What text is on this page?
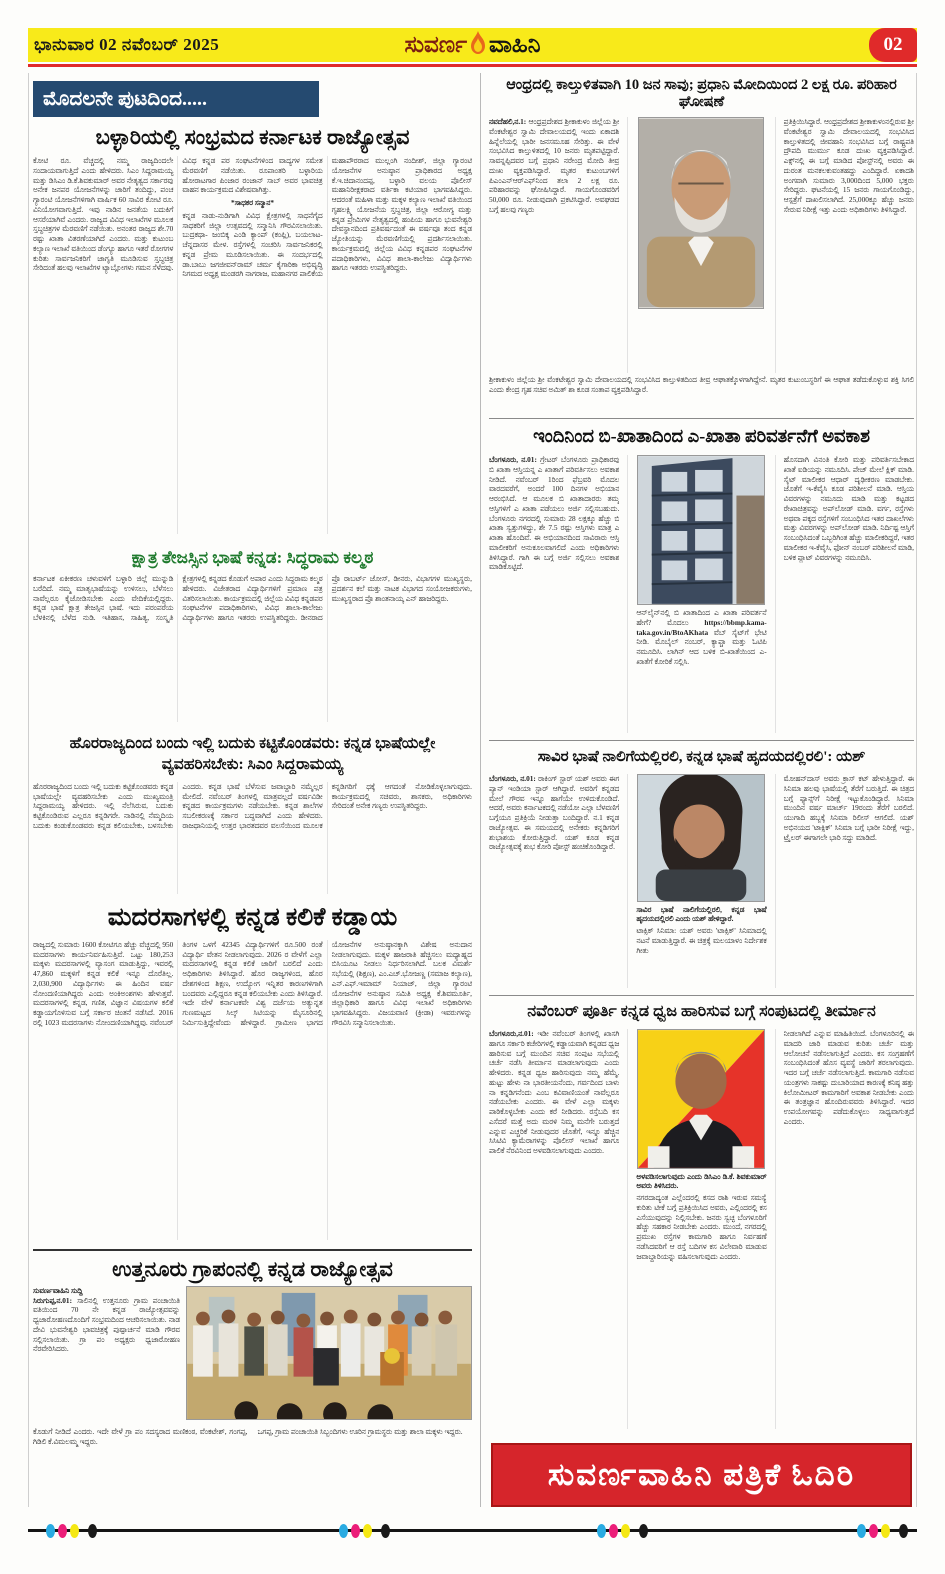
ಭಾನುವಾರ 02 ನವೆಂಬರ್ 2025	ಸುವರ್ಣ ವಾಹಿನಿ	02
ಮೊದಲನೇ ಪುಟದಿಂದ.....
ಬಳ್ಳಾರಿಯಲ್ಲಿ ಸಂಭ್ರಮದ ಕರ್ನಾಟಕ ರಾಜ್ಯೋತ್ಸವ

ಕೋಟಿ ರೂ. ವೆಚ್ಚದಲ್ಲಿ ನಮ್ಮ ರಾಜ್ಯದಿಂದಲೇ ಸಂದಾಯವಾಗುತ್ತಿದೆ ಎಂದು ಹೇಳಿದರು. ಸಿಎಂ ಸಿದ್ದರಾಮಯ್ಯ ಮತ್ತು ಡಿಸಿಎಂ ಡಿ.ಕೆ.ಶಿವಕುಮಾರ್ ಅವರ ನೇತೃತ್ವದ ಸರ್ಕಾರವು ಅನೇಕ ಜನಪರ ಯೋಜನೆಗಳನ್ನು ಜಾರಿಗೆ ತಂದಿದ್ದು, ಪಂಚ ಗ್ಯಾರಂಟಿ ಯೋಜನೆಗಳಿಗಾಗಿ ವಾರ್ಷಿಕ 60 ಸಾವಿರ ಕೋಟಿ ರೂ. ವಿನಿಯೋಗವಾಗುತ್ತಿದೆ. ಇವು ನಾಡಿನ ಜನತೆಯ ಬದುಕಿಗೆ ಆಸರೆಯಾಗಿವೆ ಎಂದರು. ರಾಜ್ಯದ ವಿವಿಧ ಇಲಾಖೆಗಳ ಮೂಲಕ ಸ್ತಬ್ಧಚಿತ್ರಗಳ ಮೆರವಣಿಗೆ ನಡೆಯಿತು. ಅನಂತರ ರಾಜ್ಯದ ಶೇ.70 ರಷ್ಟು ಖಾತಾ ವಿತರಣೆಯಾಗಿದೆ ಎಂದರು. ಮತ್ತು ಕುಟುಂಬ ಕಲ್ಯಾಣ ಇಲಾಖೆ ವತಿಯಿಂದ ಡೆಂಗ್ಯೂ ಹಾಗೂ ಇತರೆ ರೋಗಗಳ ಕುರಿತು ಸಾರ್ವಜನಿಕರಿಗೆ ಜಾಗೃತಿ ಮೂಡಿಸುವ ಸ್ತಬ್ಧಚಿತ್ರ ಸೇರಿದಂತೆ ಹಲವು ಇಲಾಖೆಗಳ ಟ್ಯಾಬ್ಲೋಗಳು ಗಮನ ಸೆಳೆದವು. ವಿವಿಧ ಕನ್ನಡ ಪರ ಸಂಘಟನೆಗಳಿಂದ ವಾದ್ಯಗಳ ಸಮೇತ ಮೆರವಣಿಗೆ ನಡೆಯಿತು. ರೂಪಾಂತರಿ ಬಳ್ಳಾರಿಯ ಹೋರಾಟಗಾರ ಪಿಂಜಾರ ರಂಜಾನ್ ಸಾಬ್ ಅವರ ಭಾವಚಿತ್ರ ವಾಹನ ಕಾರ್ಯಕ್ರಮದ ವಿಶೇಷವಾಗಿತ್ತು.

*ಸಾಧಕರ ಸನ್ಮಾನ*

ಕನ್ನಡ ನಾಡು-ನುಡಿಗಾಗಿ ವಿವಿಧ ಕ್ಷೇತ್ರಗಳಲ್ಲಿ ಸಾಧನೆಗೈದ ಸಾಧಕರಿಗೆ ಜಿಲ್ಲಾ ಉತ್ಸವದಲ್ಲಿ ಸನ್ಮಾನಿಸಿ ಗೌರವಿಸಲಾಯಿತು. ಬುದ್ರಕಥಾ- ಜಂಬಿಕ್ಕ ಎಂಡಿ ಕ್ಯಾಂಪ್ (ಕಂಪ್ಲಿ), ಬಯಲಾಟ- ಚೆನ್ನದಾಸರ ಮೇಳ. ರಸ್ತೆಗಳಲ್ಲಿ ಸಂಚರಿಸಿ ಸಾರ್ವಜನಿಕರಲ್ಲಿ ಕನ್ನಡ ಪ್ರೇಮ ಮೂಡಿಸಲಾಯಿತು. ಈ ಸಂದರ್ಭದಲ್ಲಿ ಡಾ.ಬಾಬು ಜಗಜೀವನ್‌ರಾಮ್ ಚರ್ಮ ಕೈಗಾರಿಕಾ ಅಭಿವೃದ್ಧಿ ನಿಗಮದ ಅಧ್ಯಕ್ಷ ಮಂಡರಗಿ ನಾಗರಾಜ, ಮಹಾನಗರ ಪಾಲಿಕೆಯ ಮಹಾಪೌರರಾದ ಮುಲ್ಲಂಗಿ ನಂದೀಶ್, ಜಿಲ್ಲಾ ಗ್ಯಾರಂಟಿ ಯೋಜನೆಗಳ ಅನುಷ್ಠಾನ ಪ್ರಾಧಿಕಾರದ ಅಧ್ಯಕ್ಷ ಕೆ.ಇ.ಚಿದಾನಂದಪ್ಪ, ಬಳ್ಳಾರಿ ವಲಯ ಪೊಲೀಸ್ ಮಹಾನಿರೀಕ್ಷಕರಾದ ವರ್ತಿಕಾ ಕಟಿಯಾರ ಭಾಗವಹಿಸಿದ್ದರು. ಆದರಂತೆ ಮಹಿಳಾ ಮತ್ತು ಮಕ್ಕಳ ಕಲ್ಯಾಣ ಇಲಾಖೆ ವತಿಯಿಂದ ಗೃಹಲಕ್ಷ್ಮಿ ಯೋಜನೆಯ ಸ್ತಬ್ಧಚಿತ್ರ, ಜಿಲ್ಲಾ ಆರೋಗ್ಯ ಮತ್ತು ಕನ್ನಡ ಪ್ರೇಮಿಗಳ ನೇತೃತ್ವದಲ್ಲಿ ಹಂಪಿಯ ಹಾಗೂ ಭುವನೇಶ್ವರಿ ದೇವಸ್ಥಾನದಿಂದ ಪ್ರತಿವರ್ಷದಂತೆ ಈ ವರ್ಷವೂ ತಂದ ಕನ್ನಡ ಜ್ಯೋತಿಯನ್ನು ಮೆರವಣಿಗೆಯಲ್ಲಿ ಪ್ರದರ್ಶಿಸಲಾಯಿತು. ಕಾರ್ಯಕ್ರಮದಲ್ಲಿ ಜಿಲ್ಲೆಯ ವಿವಿಧ ಕನ್ನಡಪರ ಸಂಘಟನೆಗಳ ಪದಾಧಿಕಾರಿಗಳು, ವಿವಿಧ ಶಾಲಾ-ಕಾಲೇಜು ವಿದ್ಯಾರ್ಥಿಗಳು ಹಾಗೂ ಇತರರು ಉಪಸ್ಥಿತರಿದ್ದರು.

ಕ್ಷಾತ್ರ ತೇಜಸ್ಸಿನ ಭಾಷೆ ಕನ್ನಡ: ಸಿದ್ಧರಾಮ ಕಲ್ಮಠ

ಕರ್ನಾಟಕ ಏಕೀಕರಣ ಚಳುವಳಿಗೆ ಬಳ್ಳಾರಿ ಜಿಲ್ಲೆ ಮುನ್ನುಡಿ ಬರೆದಿದೆ. ನಮ್ಮ ಮಾತೃಭಾಷೆಯನ್ನು ಉಳಿಸಲು, ಬೆಳೆಸಲು ನಾವೆಲ್ಲರೂ ಕೈಜೋಡಿಸಬೇಕು ಎಂದು ವೇದಿಕೆಯಲ್ಲಿದ್ದರು. ಕನ್ನಡ ಭಾಷೆ ಕ್ಷಾತ್ರ ತೇಜಸ್ಸಿನ ಭಾಷೆ. ಇದು ಪರಂಪರೆಯ ಬೆಳಕಿನಲ್ಲಿ ಬೆಳೆದ ನುಡಿ. ಇತಿಹಾಸ, ಸಾಹಿತ್ಯ, ಸಂಸ್ಕೃತಿ ಕ್ಷೇತ್ರಗಳಲ್ಲಿ ಕನ್ನಡದ ಕೊಡುಗೆ ಅಪಾರ ಎಂದು ಸಿದ್ಧರಾಮ ಕಲ್ಮಠ ಹೇಳಿದರು. ವಿಜೇತರಾದ ವಿದ್ಯಾರ್ಥಿಗಳಿಗೆ ಪ್ರಮಾಣ ಪತ್ರ ವಿತರಿಸಲಾಯಿತು. ಕಾರ್ಯಕ್ರಮದಲ್ಲಿ ಜಿಲ್ಲೆಯ ವಿವಿಧ ಕನ್ನಡಪರ ಸಂಘಟನೆಗಳ ಪದಾಧಿಕಾರಿಗಳು, ವಿವಿಧ ಶಾಲಾ-ಕಾಲೇಜು ವಿದ್ಯಾರ್ಥಿಗಳು ಹಾಗೂ ಇತರರು ಉಪಸ್ಥಿತರಿದ್ದರು. ಡೀನರಾದ ಪ್ರೊ ರಾಬರ್ಟ್ ಜೋಸ್, ಡೀನರು, ವಿಭಾಗಗಳ ಮುಖ್ಯಸ್ಥರು, ಪ್ರದರ್ಶನ ಕಲೆ ಮತ್ತು ನಾಟಕ ವಿಭಾಗದ ಸಂಯೋಜಕರುಗಳು, ಮುಖ್ಯಸ್ಥರಾದ ಪ್ರೊ ಶಾಂತನಾಯ್ಕ ಎನ್ ಹಾಜರಿದ್ದರು.

ಹೊರರಾಜ್ಯದಿಂದ ಬಂದು ಇಲ್ಲಿ ಬದುಕು ಕಟ್ಟಿಕೊಂಡವರು: ಕನ್ನಡ ಭಾಷೆಯಲ್ಲೇ ವ್ಯವಹರಿಸಬೇಕು: ಸಿಎಂ ಸಿದ್ದರಾಮಯ್ಯ

ಹೊರರಾಜ್ಯದಿಂದ ಬಂದು ಇಲ್ಲಿ ಬದುಕು ಕಟ್ಟಿಕೊಂಡವರು ಕನ್ನಡ ಭಾಷೆಯಲ್ಲೇ ವ್ಯವಹರಿಸಬೇಕು ಎಂದು ಮುಖ್ಯಮಂತ್ರಿ ಸಿದ್ದರಾಮಯ್ಯ ಹೇಳಿದರು. ಇಲ್ಲಿ ನೆಲೆಸಿರುವ, ಬದುಕು ಕಟ್ಟಿಕೊಂಡಿರುವ ಎಲ್ಲರೂ ಕನ್ನಡಿಗರೇ. ನಾಡಿನಲ್ಲಿ ನೆಮ್ಮದಿಯ ಬದುಕು ಕಂಡುಕೊಂಡವರು ಕನ್ನಡ ಕಲಿಯಬೇಕು, ಬಳಸಬೇಕು ಎಂದರು. ಕನ್ನಡ ಭಾಷೆ ಬೆಳೆಸುವ ಜವಾಬ್ದಾರಿ ನಮ್ಮೆಲ್ಲರ ಮೇಲಿದೆ. ನವೆಂಬರ್ ತಿಂಗಳಲ್ಲಿ ಮಾತ್ರವಲ್ಲದೆ ವರ್ಷವಿಡೀ ಕನ್ನಡದ ಕಾರ್ಯಕ್ರಮಗಳು ನಡೆಯಬೇಕು. ಕನ್ನಡ ಶಾಲೆಗಳ ಸಬಲೀಕರಣಕ್ಕೆ ಸರ್ಕಾರ ಬದ್ಧವಾಗಿದೆ ಎಂದು ಹೇಳಿದರು. ರಾಜಧಾನಿಯಲ್ಲಿ ಉತ್ತರ ಭಾರತದವರ ವಲಸೆಯಿಂದ ಮೂಲಕ ಕನ್ನಡಿಗರಿಗೆ ಧಕ್ಕೆ ಆಗದಂತೆ ನೋಡಿಕೊಳ್ಳಲಾಗುವುದು. ಕಾರ್ಯಕ್ರಮದಲ್ಲಿ ಸಚಿವರು, ಶಾಸಕರು, ಅಧಿಕಾರಿಗಳು ಸೇರಿದಂತೆ ಅನೇಕ ಗಣ್ಯರು ಉಪಸ್ಥಿತರಿದ್ದರು.

ಮದರಸಾಗಳಲ್ಲಿ ಕನ್ನಡ ಕಲಿಕೆ ಕಡ್ಡಾಯ

ರಾಜ್ಯದಲ್ಲಿ ಸುಮಾರು 1600 ಕೋಟಿಗೂ ಹೆಚ್ಚು ವೆಚ್ಚದಲ್ಲಿ 950 ಮದರಸಾಗಳು ಕಾರ್ಯನಿರ್ವಹಿಸುತ್ತಿವೆ. ಒಟ್ಟು 180,253 ಮಕ್ಕಳು ಮದರಸಾಗಳಲ್ಲಿ ವ್ಯಾಸಂಗ ಮಾಡುತ್ತಿದ್ದು, ಇವರಲ್ಲಿ 47,860 ಮಕ್ಕಳಿಗೆ ಕನ್ನಡ ಕಲಿಕೆ ಇನ್ನೂ ದೊರೆತಿಲ್ಲ. 2,030,900 ವಿದ್ಯಾರ್ಥಿಗಳು ಈ ಹಿಂದಿನ ವರ್ಷ ನೋಂದಣಿಯಾಗಿದ್ದರು ಎಂದು ಅಂಕಿಅಂಶಗಳು ಹೇಳುತ್ತವೆ. ಮದರಸಾಗಳಲ್ಲಿ ಕನ್ನಡ, ಗಣಿತ, ವಿಜ್ಞಾನ ವಿಷಯಗಳ ಕಲಿಕೆ ಕಡ್ಡಾಯಗೊಳಿಸುವ ಬಗ್ಗೆ ಸರ್ಕಾರ ಚಿಂತನೆ ನಡೆಸಿದೆ. 2016 ರಲ್ಲಿ 1023 ಮದರಸಾಗಳು ನೋಂದಣಿಯಾಗಿದ್ದವು. ನವೆಂಬರ್ ತಿಂಗಳ ಒಳಗೆ 42345 ವಿದ್ಯಾರ್ಥಿಗಳಿಗೆ ರೂ.500 ರಂತೆ ವಿದ್ಯಾರ್ಥಿ ವೇತನ ನೀಡಲಾಗುವುದು. 2026 ರ ವೇಳೆಗೆ ಎಲ್ಲಾ ಮದರಸಾಗಳಲ್ಲಿ ಕನ್ನಡ ಕಲಿಕೆ ಜಾರಿಗೆ ಬರಲಿದೆ ಎಂದು ಅಧಿಕಾರಿಗಳು ತಿಳಿಸಿದ್ದಾರೆ. ಹೊರ ರಾಜ್ಯಗಳಿಂದ, ಹೊರ ದೇಶಗಳಿಂದ ಶಿಕ್ಷಣ, ಉದ್ಯೋಗ ಇನ್ನಿತರ ಕಾರಣಗಳಿಗಾಗಿ ಬಂದವರು ಎಲ್ಲಿದ್ದರೂ ಕನ್ನಡ ಕಲಿಯಬೇಕು ಎಂದು ತಿಳಿಸಿದ್ದಾರೆ. ಇದೇ ವೇಳೆ ಕರ್ನಾಟಕವೇ ವಿಶ್ವ ದರ್ಜೆಯ ಅತ್ಯುನ್ನತ ಗುಣಮಟ್ಟದ ಸಿಲ್ಕ್ ಸಿಟಿಯನ್ನು ಮೈಸೂರಿನಲ್ಲಿ ನಿರ್ಮಿಸುತ್ತಿದ್ದೇವೆಂದು ಹೇಳಿದ್ದಾರೆ. ಗ್ರಾಮೀಣ ಭಾಗದ ಯೋಜನೆಗಳ ಅನುಷ್ಠಾನಕ್ಕಾಗಿ ವಿಶೇಷ ಅನುದಾನ ನೀಡಲಾಗುವುದು. ಮಕ್ಕಳ ಹಾಜರಾತಿ ಹೆಚ್ಚಿಸಲು ಮಧ್ಯಾಹ್ನದ ಬಿಸಿಯೂಟ ನೀಡಲು ನಿರ್ಧರಿಸಲಾಗಿದೆ. ಬಲಕ ವಿಮರ್ಶೆ ಸಭೆಯಲ್ಲಿ (ಶಿಕ್ಷಣ), ಎಂ.ಎಚ್.ಭೋಜಣ್ಣ (ಸಮಾಜ ಕಲ್ಯಾಣ), ಎನ್.ಎಫ್.ಇಮಾಮ್ ನಿಯಾಜ್, ಜಿಲ್ಲಾ ಗ್ಯಾರಂಟಿ ಯೋಜನೆಗಳ ಅನುಷ್ಠಾನ ಸಮಿತಿ ಅಧ್ಯಕ್ಷ ಕೆ.ಶಿವಮೂರ್ತಿ, ಜಿಲ್ಲಾಧಿಕಾರಿ ಹಾಗೂ ವಿವಿಧ ಇಲಾಖೆ ಅಧಿಕಾರಿಗಳು ಭಾಗವಹಿಸಿದ್ದರು. ವಿಜಯವಾಣಿ (ಕ್ರೀಡಾ) ಇವರುಗಳನ್ನು ಗೌರವಿಸಿ ಸನ್ಮಾನಿಸಲಾಯಿತು.

ಉತ್ತನೂರು ಗ್ರಾಪಂನಲ್ಲಿ ಕನ್ನಡ ರಾಜ್ಯೋತ್ಸವ
ಸುವರ್ಣವಾಹಿನಿ ಸುದ್ದಿ
ಸಿರುಗುಪ್ಪ,ನ.01: ಸಾಲಿನಲ್ಲಿ ಉತ್ತನೂರು ಗ್ರಾಮ ಪಂಚಾಯಿತಿ ವತಿಯಿಂದ 70 ನೇ ಕನ್ನಡ ರಾಜ್ಯೋತ್ಸವವನ್ನು ಧ್ವಜಾರೋಹಣದೊಂದಿಗೆ ಸಂಭ್ರಮದಿಂದ ಆಚರಿಸಲಾಯಿತು. ನಾಡ ದೇವಿ ಭುವನೇಶ್ವರಿ ಭಾವಚಿತ್ರಕ್ಕೆ ಪುಷ್ಪಾರ್ಚನೆ ಮಾಡಿ ಗೌರವ ಸಲ್ಲಿಸಲಾಯಿತು. ಗ್ರಾ ಪಂ ಅಧ್ಯಕ್ಷರು ಧ್ವಜಾರೋಹಣ ನೆರವೇರಿಸಿದರು.
ಕೊಡುಗೆ ನೀಡಿದೆ ಎಂದರು. ಇದೇ ವೇಳೆ ಗ್ರಾ ಪಂ ಸದಸ್ಯರಾದ ಮಣಿಕಂಠ, ವೆಂಕಟೇಶ್, ಗಂಗಪ್ಪ, ಗಿಡಿಲಿ ಕೆ.ವಿಮಲಮ್ಮ ಇದ್ದರು.
ಒಗಪ್ಪ, ಗ್ರಾಮ ಪಂಚಾಯಿತಿ ಸಿಬ್ಬಂದಿಗಳು ಊರಿನ ಗ್ರಾಮಸ್ಥರು ಮತ್ತು ಶಾಲಾ ಮಕ್ಕಳು ಇದ್ದರು.
ಆಂಧ್ರದಲ್ಲಿ ಕಾಲ್ತುಳಿತವಾಗಿ 10 ಜನ ಸಾವು; ಪ್ರಧಾನಿ ಮೋದಿಯಿಂದ 2 ಲಕ್ಷ ರೂ. ಪರಿಹಾರ ಘೋಷಣೆ
ನವದೆಹಲಿ,ನ.1: ಆಂಧ್ರಪ್ರದೇಶದ ಶ್ರೀಕಾಕುಳಂ ಜಿಲ್ಲೆಯ ಶ್ರೀ ವೆಂಕಟೇಶ್ವರ ಸ್ವಾಮಿ ದೇವಾಲಯದಲ್ಲಿ ಇಂದು ಏಕಾದಶಿ ಹಿನ್ನೆಲೆಯಲ್ಲಿ ಭಾರೀ ಜನಸಮೂಹ ಸೇರಿತ್ತು. ಈ ವೇಳೆ ಸಂಭವಿಸಿದ ಕಾಲ್ತುಳಿತದಲ್ಲಿ 10 ಜನರು ಮೃತಪಟ್ಟಿದ್ದಾರೆ. ಸಾವನ್ನಪ್ಪಿದವರ ಬಗ್ಗೆ ಪ್ರಧಾನಿ ನರೇಂದ್ರ ಮೋದಿ ತೀವ್ರ ದುಃಖ ವ್ಯಕ್ತಪಡಿಸಿದ್ದಾರೆ. ಮೃತರ ಕುಟುಂಬಗಳಿಗೆ ಪಿಎಂಎನ್‌ಆರ್‌ಎಫ್‌ನಿಂದ ತಲಾ 2 ಲಕ್ಷ ರೂ. ಪರಿಹಾರವನ್ನು ಘೋಷಿಸಿದ್ದಾರೆ. ಗಾಯಗೊಂಡವರಿಗೆ 50,000 ರೂ. ನೀಡುವುದಾಗಿ ಪ್ರಕಟಿಸಿದ್ದಾರೆ. ಅವಘಡದ ಬಗ್ಗೆ ಹಲವು ಗಣ್ಯರು
ಪ್ರತಿಕ್ರಿಯಿಸಿದ್ದಾರೆ. ಆಂಧ್ರಪ್ರದೇಶದ ಶ್ರೀಕಾಕುಳಂನಲ್ಲಿರುವ ಶ್ರೀ ವೆಂಕಟೇಶ್ವರ ಸ್ವಾಮಿ ದೇವಾಲಯದಲ್ಲಿ ಸಂಭವಿಸಿದ ಕಾಲ್ತುಳಿತದಲ್ಲಿ ಜೀವಹಾನಿ ಸಂಭವಿಸಿದ ಬಗ್ಗೆ ರಾಷ್ಟ್ರಪತಿ ದ್ರೌಪದಿ ಮುರ್ಮು ಕೂಡ ದುಃಖ ವ್ಯಕ್ತಪಡಿಸಿದ್ದಾರೆ. ಎಕ್ಸ್‌ನಲ್ಲಿ ಈ ಬಗ್ಗೆ ಮಾಡಿದ ಪೋಸ್ಟ್‌ನಲ್ಲಿ ಅವರು ಈ ದುರಂತ ಮನಕಲಕುವಂತಹದ್ದು ಎಂದಿದ್ದಾರೆ. ಏಕಾದಶಿ ಅಂಗವಾಗಿ ಸುಮಾರು 3,000ದಿಂದ 5,000 ಭಕ್ತರು ಸೇರಿದ್ದರು. ಘಟನೆಯಲ್ಲಿ 15 ಜನರು ಗಾಯಗೊಂಡಿದ್ದು, ಆಸ್ಪತ್ರೆಗೆ ದಾಖಲಿಸಲಾಗಿದೆ. 25,000ಕ್ಕೂ ಹೆಚ್ಚು ಜನರು ಸೇರುವ ನಿರೀಕ್ಷೆ ಇತ್ತು ಎಂದು ಅಧಿಕಾರಿಗಳು ತಿಳಿಸಿದ್ದಾರೆ.
ಶ್ರೀಕಾಕುಳಂ ಜಿಲ್ಲೆಯ ಶ್ರೀ ವೆಂಕಟೇಶ್ವರ ಸ್ವಾಮಿ ದೇವಾಲಯದಲ್ಲಿ ಸಂಭವಿಸಿದ ಕಾಲ್ತುಳಿತದಿಂದ ತೀವ್ರ ಆಘಾತಕ್ಕೊಳಗಾಗಿದ್ದೇನೆ. ಮೃತರ ಕುಟುಂಬಸ್ಥರಿಗೆ ಈ ಆಘಾತ ತಡೆದುಕೊಳ್ಳುವ ಶಕ್ತಿ ಸಿಗಲಿ ಎಂದು ಕೇಂದ್ರ ಗೃಹ ಸಚಿವ ಅಮಿತ್ ಶಾ ಕೂಡ ಸಂತಾಪ ವ್ಯಕ್ತಪಡಿಸಿದ್ದಾರೆ.
ಇಂದಿನಿಂದ ಬಿ-ಖಾತಾದಿಂದ ಎ-ಖಾತಾ ಪರಿವರ್ತನೆಗೆ ಅವಕಾಶ
ಬೆಂಗಳೂರು, ನ.01: ಗ್ರೇಟರ್ ಬೆಂಗಳೂರು ಪ್ರಾಧಿಕಾರವು ಬಿ ಖಾತಾ ಆಸ್ತಿಯನ್ನ ಎ ಖಾತಾಗೆ ಪರಿವರ್ತಿಸಲು ಅವಕಾಶ ನೀಡಿದೆ. ನವೆಂಬರ್ 1ರಿಂದ ಫೆಬ್ರವರಿ ಮೊದಲ ವಾರದವರೆಗೆ, ಅಂದರೆ 100 ದಿನಗಳ ಅಭಿಯಾನ ಆರಂಭಿಸಿದೆ. ಆ ಮೂಲಕ ಬಿ ಖಾತಾದಾರರು ತಮ್ಮ ಆಸ್ತಿಗಳಿಗೆ ಎ ಖಾತಾ ಪಡೆಯಲು ಅರ್ಜಿ ಸಲ್ಲಿಸಬಹುದು. ಬೆಂಗಳೂರು ನಗರದಲ್ಲಿ ಸುಮಾರು 28 ಲಕ್ಷಕ್ಕೂ ಹೆಚ್ಚು ಬಿ ಖಾತಾ ಸ್ವತ್ತುಗಳಿದ್ದು, ಶೇ 7.5 ರಷ್ಟು ಆಸ್ತಿಗಳು ಮಾತ್ರ ಎ ಖಾತಾ ಹೊಂದಿವೆ. ಈ ಅಭಿಯಾನದಿಂದ ಸಾವಿರಾರು ಆಸ್ತಿ ಮಾಲೀಕರಿಗೆ ಅನುಕೂಲವಾಗಲಿದೆ ಎಂದು ಅಧಿಕಾರಿಗಳು ತಿಳಿಸಿದ್ದಾರೆ. ಗಾಗಿ ಈ ಬಗ್ಗೆ ಅರ್ಜಿ ಸಲ್ಲಿಸಲು ಅವಕಾಶ ಮಾಡಿಕೊಟ್ಟಿದೆ.
ಆನ್‌ಲೈನ್‌ನಲ್ಲಿ ಬಿ ಖಾತಾದಿಂದ ಎ ಖಾತಾ ಪರಿವರ್ತನೆ ಹೇಗೆ? ಮೊದಲು https://bbmp.kama-taka.gov.in/BtoAKhata ವೆಬ್ ಸೈಟ್‌ಗೆ ಭೇಟಿ ನೀಡಿ. ಮೊಬೈಲ್ ನಂಬರ್, ಕ್ಯಾಪ್ಚಾ ಮತ್ತು ಓಟಿಪಿ ನಮೂದಿಸಿ. ಲಾಗಿನ್ ಆದ ಬಳಿಕ ಬಿ-ಖಾತೆಯಿಂದ ಎ-ಖಾತೆಗೆ ಕೋರಿಕೆ ಸಲ್ಲಿಸಿ.
ಹೊಸದಾಗಿ ವಿನಂತಿ ಕೋರಿ ಮತ್ತು ಪರಿವರ್ತಿಸಬೇಕಾದ ಖಾತೆ ಐಡಿಯನ್ನು ನಮೂದಿಸಿ. ಪೇಜ್ ಮೇಲೆ ಕ್ಲಿಕ್ ಮಾಡಿ. ಸೈಟ್ ಮಾಲೀಕರ ಆಧಾರ್ ದೃಢೀಕರಣ ಮಾಡಬೇಕು. ಜೊತೆಗೆ ಇ-ಕೆವೈಸಿ ಕೂಡ ಪರಿಶೀಲನೆ ಮಾಡಿ. ಆಸ್ತಿಯ ವಿವರಗಳನ್ನು ನಮೂದು ಮಾಡಿ ಮತ್ತು ಕಟ್ಟಡದ ರೇಖಾಚಿತ್ರವನ್ನು ಅಪ್‌ಲೋಡ್ ಮಾಡಿ. ವರ್ಗ, ರಸ್ತೆಗಳು ಅಥವಾ ಪಕ್ಕದ ರಸ್ತೆಗಳಿಗೆ ಸಂಬಂಧಿಸಿದ ಇತರ ದಾಖಲೆಗಳು ಮತ್ತು ವಿವರಗಳನ್ನು ಅಪ್‌ಲೋಡ್ ಮಾಡಿ. ನಿರ್ದಿಷ್ಟ ಆಸ್ತಿಗೆ ಸಂಬಂಧಿಸಿದಂತೆ ಒಬ್ಬರಿಗಿಂತ ಹೆಚ್ಚು ಮಾಲೀಕರಿದ್ದರೆ, ಇತರ ಮಾಲೀಕರ ಇ-ಕೆವೈಸಿ, ಫೋನ್ ನಂಬರ್ ಪರಿಶೀಲನೆ ಮಾಡಿ, ಬಳಿಕ ಪ್ಲಾಟ್ ವಿವರಗಳನ್ನು ನಮೂದಿಸಿ.
ಸಾವಿರ ಭಾಷೆ ನಾಲಿಗೆಯಲ್ಲಿರಲಿ, ಕನ್ನಡ ಭಾಷೆ ಹೃದಯದಲ್ಲಿರಲಿ': ಯಶ್
ಬೆಂಗಳೂರು, ನ.01: ರಾಕಿಂಗ್ ಸ್ಟಾರ್ ಯಶ್ ಅವರು ಈಗ ಪ್ಯಾನ್ ಇಂಡಿಯಾ ಸ್ಟಾರ್ ಆಗಿದ್ದಾರೆ. ಅವರಿಗೆ ಕನ್ನಡದ ಮೇಲೆ ಗೌರವ ಇನ್ನೂ ಹಾಗೆಯೇ ಉಳಿದುಕೊಂಡಿದೆ. ಆದರೆ, ಅವರು ಕರ್ನಾಟಕದಲ್ಲಿ ನಡೆಯೋ ಎಲ್ಲಾ ಬೆಳವಣಿಗೆ ಬಗ್ಗೆಯೂ ಪ್ರತಿಕ್ರಿಯೆ ನೀಡುತ್ತಾ ಬಂದಿದ್ದಾರೆ. ನ.1 ಕನ್ನಡ ರಾಜ್ಯೋತ್ಸವ. ಈ ಸಮಯದಲ್ಲಿ ಅನೇಕರು ಕನ್ನಡಿಗರಿಗೆ ಶುಭಾಶಯ ಕೋರುತ್ತಿದ್ದಾರೆ. ಯಶ್ ಕೂಡ ಕನ್ನಡ ರಾಜ್ಯೋತ್ಸವಕ್ಕೆ ಶುಭ ಕೋರಿ ಪೋಸ್ಟ್ ಹಂಚಿಕೊಂಡಿದ್ದಾರೆ.
ಸಾವಿರ ಭಾಷೆ ನಾಲಿಗೆಯಲ್ಲಿರಲಿ, ಕನ್ನಡ ಭಾಷೆ ಹೃದಯದಲ್ಲಿರಲಿ ಎಂದು ಯಶ್ ಹೇಳಿದ್ದಾರೆ.
ಟಾಕ್ಸಿಕ್ ಸಿನಿಮಾ: ಯಶ್ ಅವರು 'ಟಾಕ್ಸಿಕ್' ಸಿನಿಮಾದಲ್ಲಿ ನಟನೆ ಮಾಡುತ್ತಿದ್ದಾರೆ. ಈ ಚಿತ್ರಕ್ಕೆ ಮಲಯಾಳಂ ನಿರ್ದೇಶಕ ಗೀತು
ಮೋಹನ್‌ದಾಸ್ ಅವರು ಕ್ರಾಸ್ ಕಟ್ ಹೇಳುತ್ತಿದ್ದಾರೆ. ಈ ಸಿನಿಮಾ ಹಲವು ಭಾಷೆಯಲ್ಲಿ ತೆರೆಗೆ ಬರುತ್ತಿದೆ. ಈ ಚಿತ್ರದ ಬಗ್ಗೆ ಫ್ಯಾನ್ಸ್‌ಗೆ ನಿರೀಕ್ಷೆ ಇಟ್ಟುಕೊಂಡಿದ್ದಾರೆ. ಸಿನಿಮಾ ಮುಂದಿನ ವರ್ಷ ಮಾರ್ಚ್ 19ರಂದು ತೆರೆಗೆ ಬರಲಿದೆ. ಯುಗಾದಿ ಹಬ್ಬಕ್ಕೆ ಸಿನಿಮಾ ರಿಲೀಸ್ ಆಗಲಿದೆ. ಯಶ್ ಅಭಿನಯದ 'ಟಾಕ್ಸಿಕ್' ಸಿನಿಮಾ ಬಗ್ಗೆ ಭಾರೀ ನಿರೀಕ್ಷೆ ಇದ್ದು, ಟ್ರೈಲರ್ ಈಗಾಗಲೇ ಭಾರಿ ಸದ್ದು ಮಾಡಿದೆ.
ನವೆಂಬರ್ ಪೂರ್ತಿ ಕನ್ನಡ ಧ್ವಜ ಹಾರಿಸುವ ಬಗ್ಗೆ ಸಂಪುಟದಲ್ಲಿ ತೀರ್ಮಾನ
ಬೆಂಗಳೂರು,ನ.01: ಇಡೀ ನವೆಂಬರ್ ತಿಂಗಳಲ್ಲಿ ಖಾಸಗಿ ಹಾಗೂ ಸರ್ಕಾರಿ ಕಚೇರಿಗಳಲ್ಲಿ ಕಡ್ಡಾಯವಾಗಿ ಕನ್ನಡದ ಧ್ವಜ ಹಾರಿಸುವ ಬಗ್ಗೆ ಮುಂದಿನ ಸಚಿವ ಸಂಪುಟ ಸಭೆಯಲ್ಲಿ ಚರ್ಚೆ ನಡೆಸಿ ತೀರ್ಮಾನ ಮಾಡಲಾಗುವುದು ಎಂದು ಹೇಳಿದರು. ಕನ್ನಡ ಧ್ವಜ ಹಾರಿಸುವುದು ನಮ್ಮ ಹೆಮ್ಮೆ. ಹುಟ್ಟು ಹೇಳು ನಾ ಭಾರತೀಯನೆಂದು, ಗರ್ವದಿಂದ ಬಾಳು ನಾ ಕನ್ನಡಿಗನೆಂದು ಎಂಬ ಕವಿವಾಣಿಯಂತೆ ನಾವೆಲ್ಲರೂ ನಡೆಯಬೇಕು ಎಂದರು. ಈ ವೇಳೆ ಎಲ್ಲಾ ಮಕ್ಕಳು ಪಾಠಿಕೊಳ್ಳಬೇಕು ಎಂದು ಕರೆ ನೀಡಿದರು. ರಸ್ತೆಬದಿ ಕಸ ಎಸೆದರೆ ಮತ್ತೆ ಅದು ಮರಳಿ ನಿಮ್ಮ ಮನೆಗೇ ಬರುತ್ತದೆ ಎನ್ನುವ ಎಚ್ಚರಿಕೆ ನೀಡುವುದರ ಜೊತೆಗೆ, ಇನ್ನೂ ಹೆಚ್ಚಿನ ಸಿಸಿಟಿವಿ ಕ್ಯಾಮೆರಾಗಳನ್ನು ಪೊಲೀಸ್ ಇಲಾಖೆ ಹಾಗೂ ಪಾಲಿಕೆ ನೆರವಿನಿಂದ ಅಳವಡಿಸಲಾಗುವುದು ಎಂದರು.
ಅಳವಡಿಸಲಾಗುವುದು ಎಂದು ಡಿಸಿಎಂ ಡಿ.ಕೆ. ಶಿವಕುಮಾರ್ ಅವರು ತಿಳಿಸಿದರು.
ನಗರದಾದ್ಯಂತ ಎಲ್ಲೆಂದರಲ್ಲಿ ಕಸದ ರಾಶಿ ಇರುವ ಸಮಸ್ಯೆ ಕುರಿತು ಟೀಕೆ ಬಗ್ಗೆ ಪ್ರತಿಕ್ರಿಯಿಸಿದ ಅವರು, ಎಲ್ಲಿಂದರಲ್ಲಿ ಕಸ ಎಸೆಯುವುದನ್ನು ನಿಲ್ಲಿಸಬೇಕು. ಜನರು ಸ್ವಚ್ಛ ಬೆಂಗಳೂರಿಗೆ ಹೆಚ್ಚು ಸಹಕಾರ ನೀಡಬೇಕು ಎಂದರು. ಮುಂದೆ, ನಗರದಲ್ಲಿ ಪ್ರಮುಖ ರಸ್ತೆಗಳ ಕಾಮಗಾರಿ ಹಾಗೂ ನಿರ್ವಹಣೆ ನಡೆಸಿದವರಿಗೆ ಆ ರಸ್ತೆ ಬದಿಗಳ ಕಸ ವಿಲೇವಾರಿ ಮಾಡುವ ಜವಾಬ್ದಾರಿಯನ್ನು ವಹಿಸಲಾಗುವುದು ಎಂದರು.
ನೀಡಲಾಗಿದೆ ಎನ್ನುವ ಮಾಹಿತಿಯಿದೆ. ಬೆಂಗಳೂರಿನಲ್ಲಿ ಈ ಮಾದರಿ ಜಾರಿ ಮಾಡುವ ಕುರಿತು ಚರ್ಚೆ ಮತ್ತು ಆಲೋಚನೆ ನಡೆಸಲಾಗುತ್ತಿದೆ ಎಂದರು. ಕಸ ಸಂಗ್ರಹಣೆಗೆ ಸಂಬಂಧಿಸಿದಂತೆ ಹೊಸ ವ್ಯವಸ್ಥೆ ಜಾರಿಗೆ ತರಲಾಗುವುದು. ಇದರ ಬಗ್ಗೆ ಚರ್ಚೆ ನಡೆಸಲಾಗುತ್ತಿದೆ. ಕಾಮಗಾರಿ ನಡೆಸುವ ಯಂತ್ರಗಳು ಸಾಕಷ್ಟು ದುಬಾರಿಯಾದ ಕಾರಣಕ್ಕೆ ಕನಿಷ್ಠ ಹತ್ತು ಕಿಲೋಮೀಟರ್ ಕಾಮಗಾರಿಗೆ ಅವಕಾಶ ನೀಡಬೇಕು ಎಂದು ಈ ತಂತ್ರಜ್ಞಾನ ಹೊಂದಿರುವವರು ತಿಳಿಸಿದ್ದಾರೆ. ಇದರ ಉಪಯೋಗವನ್ನು ಪಡೆದುಕೊಳ್ಳಲು ಸಾಧ್ಯವಾಗುತ್ತದೆ ಎಂದರು.
ಸುವರ್ಣವಾಹಿನಿ ಪತ್ರಿಕೆ ಓದಿರಿ
